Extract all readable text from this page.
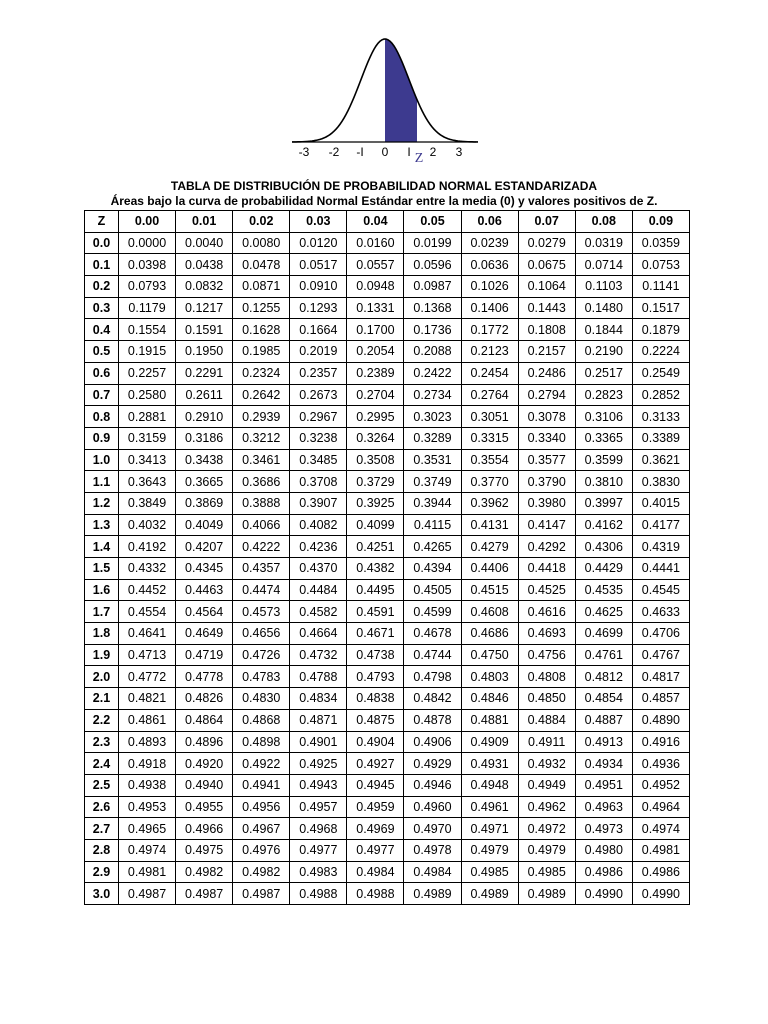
-3 -2 -I 0 I 2 3
Z
TABLA DE DISTRIBUCIÓN DE PROBABILIDAD NORMAL ESTANDARIZADA
Áreas bajo la curva de probabilidad Normal Estándar entre la media (0) y valores positivos de Z.
Z	0.00	0.01	0.02	0.03	0.04	0.05	0.06	0.07	0.08	0.09
0.0	0.0000	0.0040	0.0080	0.0120	0.0160	0.0199	0.0239	0.0279	0.0319	0.0359
0.1	0.0398	0.0438	0.0478	0.0517	0.0557	0.0596	0.0636	0.0675	0.0714	0.0753
0.2	0.0793	0.0832	0.0871	0.0910	0.0948	0.0987	0.1026	0.1064	0.1103	0.1141
0.3	0.1179	0.1217	0.1255	0.1293	0.1331	0.1368	0.1406	0.1443	0.1480	0.1517
0.4	0.1554	0.1591	0.1628	0.1664	0.1700	0.1736	0.1772	0.1808	0.1844	0.1879
0.5	0.1915	0.1950	0.1985	0.2019	0.2054	0.2088	0.2123	0.2157	0.2190	0.2224
0.6	0.2257	0.2291	0.2324	0.2357	0.2389	0.2422	0.2454	0.2486	0.2517	0.2549
0.7	0.2580	0.2611	0.2642	0.2673	0.2704	0.2734	0.2764	0.2794	0.2823	0.2852
0.8	0.2881	0.2910	0.2939	0.2967	0.2995	0.3023	0.3051	0.3078	0.3106	0.3133
0.9	0.3159	0.3186	0.3212	0.3238	0.3264	0.3289	0.3315	0.3340	0.3365	0.3389
1.0	0.3413	0.3438	0.3461	0.3485	0.3508	0.3531	0.3554	0.3577	0.3599	0.3621
1.1	0.3643	0.3665	0.3686	0.3708	0.3729	0.3749	0.3770	0.3790	0.3810	0.3830
1.2	0.3849	0.3869	0.3888	0.3907	0.3925	0.3944	0.3962	0.3980	0.3997	0.4015
1.3	0.4032	0.4049	0.4066	0.4082	0.4099	0.4115	0.4131	0.4147	0.4162	0.4177
1.4	0.4192	0.4207	0.4222	0.4236	0.4251	0.4265	0.4279	0.4292	0.4306	0.4319
1.5	0.4332	0.4345	0.4357	0.4370	0.4382	0.4394	0.4406	0.4418	0.4429	0.4441
1.6	0.4452	0.4463	0.4474	0.4484	0.4495	0.4505	0.4515	0.4525	0.4535	0.4545
1.7	0.4554	0.4564	0.4573	0.4582	0.4591	0.4599	0.4608	0.4616	0.4625	0.4633
1.8	0.4641	0.4649	0.4656	0.4664	0.4671	0.4678	0.4686	0.4693	0.4699	0.4706
1.9	0.4713	0.4719	0.4726	0.4732	0.4738	0.4744	0.4750	0.4756	0.4761	0.4767
2.0	0.4772	0.4778	0.4783	0.4788	0.4793	0.4798	0.4803	0.4808	0.4812	0.4817
2.1	0.4821	0.4826	0.4830	0.4834	0.4838	0.4842	0.4846	0.4850	0.4854	0.4857
2.2	0.4861	0.4864	0.4868	0.4871	0.4875	0.4878	0.4881	0.4884	0.4887	0.4890
2.3	0.4893	0.4896	0.4898	0.4901	0.4904	0.4906	0.4909	0.4911	0.4913	0.4916
2.4	0.4918	0.4920	0.4922	0.4925	0.4927	0.4929	0.4931	0.4932	0.4934	0.4936
2.5	0.4938	0.4940	0.4941	0.4943	0.4945	0.4946	0.4948	0.4949	0.4951	0.4952
2.6	0.4953	0.4955	0.4956	0.4957	0.4959	0.4960	0.4961	0.4962	0.4963	0.4964
2.7	0.4965	0.4966	0.4967	0.4968	0.4969	0.4970	0.4971	0.4972	0.4973	0.4974
2.8	0.4974	0.4975	0.4976	0.4977	0.4977	0.4978	0.4979	0.4979	0.4980	0.4981
2.9	0.4981	0.4982	0.4982	0.4983	0.4984	0.4984	0.4985	0.4985	0.4986	0.4986
3.0	0.4987	0.4987	0.4987	0.4988	0.4988	0.4989	0.4989	0.4989	0.4990	0.4990
